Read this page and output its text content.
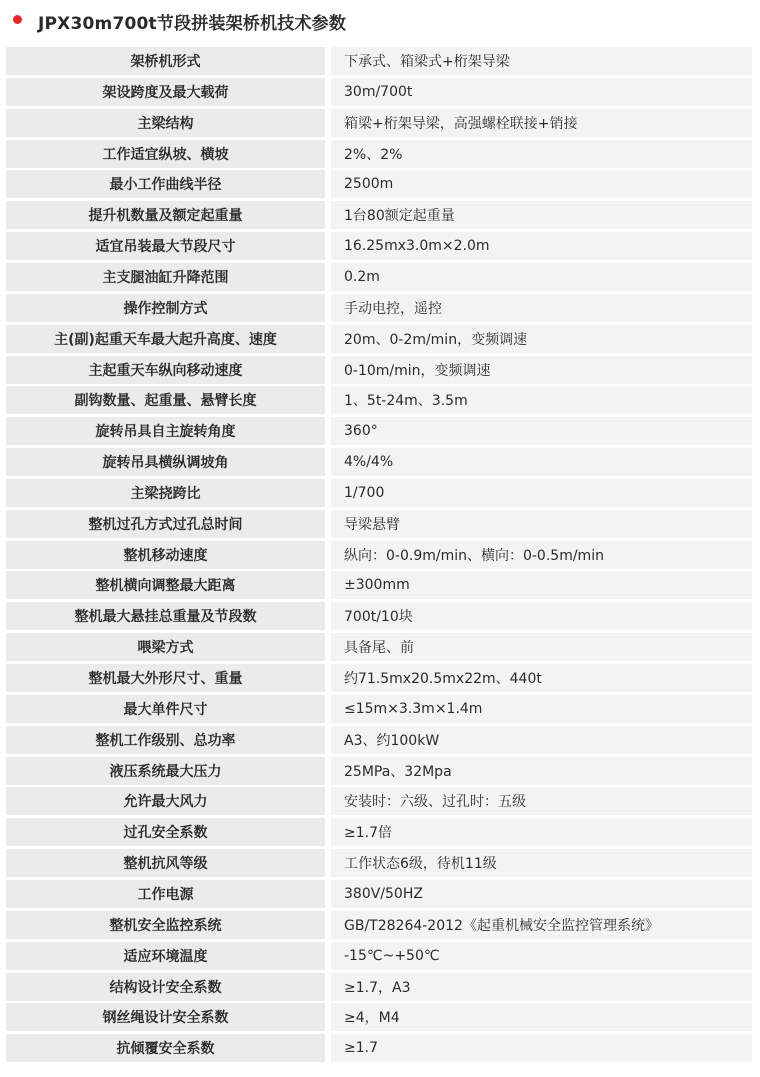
JPX30m700t节段拼装架桥机技术参数
架桥机形式	下承式、箱梁式+桁架导梁
架设跨度及最大载荷	30m/700t
主梁结构	箱梁+桁架导梁，高强螺栓联接+销接
工作适宜纵坡、横坡	2%、2%
最小工作曲线半径	2500m
提升机数量及额定起重量	1台80额定起重量
适宜吊装最大节段尺寸	16.25mx3.0m×2.0m
主支腿油缸升降范围	0.2m
操作控制方式	手动电控，遥控
主(副)起重天车最大起升高度、速度	20m、0-2m/min，变频调速
主起重天车纵向移动速度	0-10m/min，变频调速
副钩数量、起重量、悬臂长度	1、5t-24m、3.5m
旋转吊具自主旋转角度	360°
旋转吊具横纵调坡角	4%/4%
主梁挠跨比	1/700
整机过孔方式过孔总时间	导梁悬臂
整机移动速度	纵向：0-0.9m/min、横向：0-0.5m/min
整机横向调整最大距离	±300mm
整机最大悬挂总重量及节段数	700t/10块
喂梁方式	具备尾、前
整机最大外形尺寸、重量	约71.5mx20.5mx22m、440t
最大单件尺寸	≤15m×3.3m×1.4m
整机工作级别、总功率	A3、约100kW
液压系统最大压力	25MPa、32Mpa
允许最大风力	安装时：六级、过孔时：五级
过孔安全系数	≥1.7倍
整机抗风等级	工作状态6级，待机11级
工作电源	380V/50HZ
整机安全监控系统	GB/T28264-2012《起重机械安全监控管理系统》
适应环境温度	-15℃~+50℃
结构设计安全系数	≥1.7，A3
钢丝绳设计安全系数	≥4，M4
抗倾覆安全系数	≥1.7
